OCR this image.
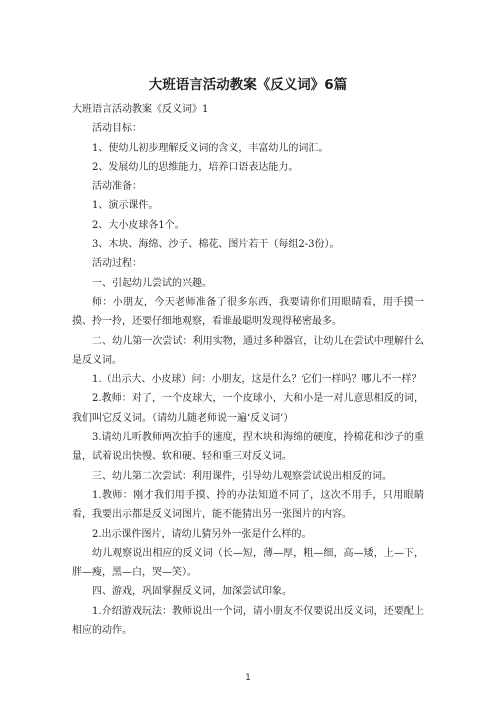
大班语言活动教案《反义词》6篇

大班语言活动教案《反义词》1

活动目标：

1、使幼儿初步理解反义词的含义，丰富幼儿的词汇。

2、发展幼儿的思维能力，培养口语表达能力。

活动准备：

1、演示课件。

2、大小皮球各1个。

3、木块、海绵、沙子、棉花、图片若干（每组2-3份）。

活动过程：

一、引起幼儿尝试的兴趣。

师：小朋友，今天老师准备了很多东西，我要请你们用眼睛看，用手摸一摸、拎一拎，还要仔细地观察，看谁最聪明发现得秘密最多。

二、幼儿第一次尝试：利用实物，通过多种器官，让幼儿在尝试中理解什么是反义词。

1.（出示大、小皮球）问：小朋友，这是什么？它们一样吗？哪儿不一样？

2.教师：对了，一个皮球大，一个皮球小，大和小是一对儿意思相反的词，我们叫它反义词。（请幼儿随老师说一遍‘反义词’）

3.请幼儿听教师两次拍手的速度，捏木块和海绵的硬度，拎棉花和沙子的重量，试着说出快慢、软和硬、轻和重三对反义词。

三、幼儿第二次尝试：利用课件，引导幼儿观察尝试说出相反的词。

1.教师：刚才我们用手摸、拎的办法知道不同了，这次不用手，只用眼睛看，我要出示都是反义词图片，能不能猜出另一张图片的内容。

2.出示课件图片，请幼儿猜另外一张是什么样的。

幼儿观察说出相应的反义词（长—短，薄—厚，粗—细，高—矮，上—下，胖—瘦，黑—白，哭—笑）。

四、游戏，巩固掌握反义词，加深尝试印象。

1.介绍游戏玩法：教师说出一个词，请小朋友不仅要说出反义词，还要配上相应的动作。

1
